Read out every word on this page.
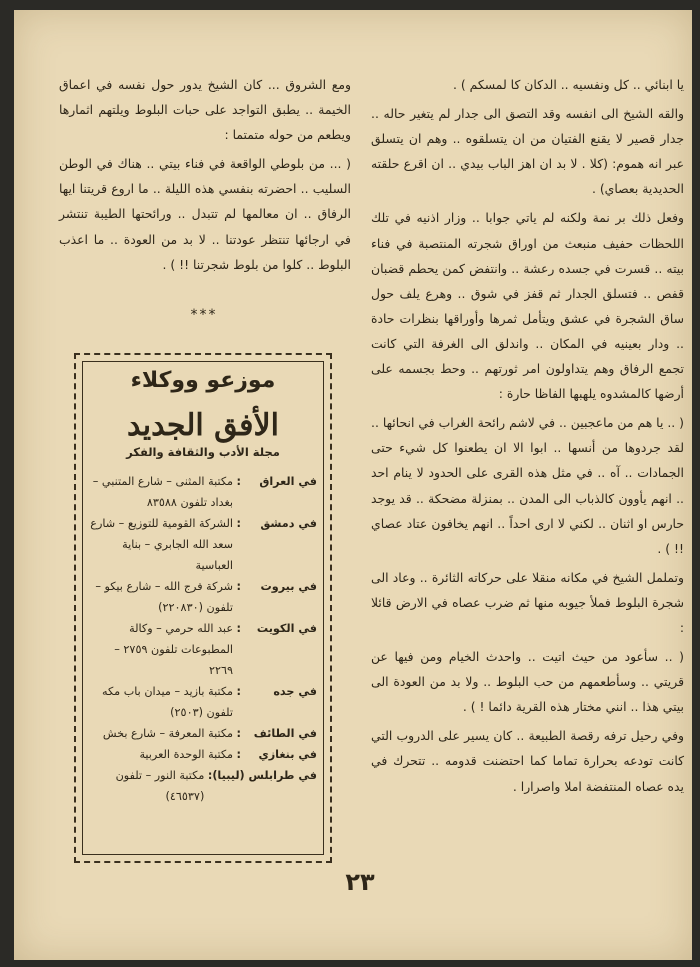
يا ابنائي .. كل ونفسيه .. الدكان كا لمسكم ) .

والقه الشيخ الى انفسه وقد التصق الى جدار لم يتغير حاله .. جدار قصير لا يقنع الفتيان من ان يتسلقوه .. وهم ان يتسلق عبر انه هموم: (كلا . لا بد ان اهز الباب بيدي .. ان اقرع حلقته الحديدية بعصاي) .

وفعل ذلك بر نمة ولكنه لم ياتي جوابا .. وزار اذنيه في تلك اللحظات حفيف منبعث من اوراق شجرته المنتصبة في فناء بيته .. قسرت في جسده رعشة .. وانتفض كمن يحطم قضبان قفص .. فتسلق الجدار ثم قفز في شوق .. وهرع يلف حول ساق الشجرة في عشق ويتأمل ثمرها وأوراقها بنظرات حادة .. ودار بعينيه في المكان .. واندلق الى الغرفة التي كانت تجمع الرفاق وهم يتداولون امر ثورتهم .. وحط بجسمه على أرضها كالمشدوه يلهبها الفاظا حارة :

( .. يا هم من ماعجبين .. في لاشم رائحة الغراب في انحائها .. لقد جردوها من أنسها .. ابوا الا ان يطعنوا كل شيء حتى الجمادات .. آه .. في مثل هذه القرى على الحدود لا ينام احد .. انهم يأوون كالذباب الى المدن .. بمنزلة مضحكة .. قد يوجد حارس او اثنان .. لكني لا ارى احداً .. انهم يخافون عتاد عصاي !! ) .

وتململ الشيخ في مكانه منقلا على حركاته الثائرة .. وعاد الى شجرة البلوط فملأ جيوبه منها ثم ضرب عصاه في الارض قائلا :

( .. سأعود من حيث اتيت .. واحدث الخيام ومن فيها عن قريتي .. وسأطعمهم من حب البلوط .. ولا بد من العودة الى بيتي هذا .. انني مختار هذه القرية دائما ! ) .

وفي رحيل ترفه رقصة الطبيعة .. كان يسير على الدروب التي كانت تودعه بحرارة تماما كما احتضنت قدومه .. تتحرك في يده عصاه المنتفضة املا واصرارا .

ومع الشروق ... كان الشيخ يدور حول نفسه في اعماق الخيمة .. يطبق التواجد على حبات البلوط ويلتهم اثمارها ويطعم من حوله متمتما :

( ... من بلوطي الواقعة في فناء بيتي .. هناك في الوطن السليب .. احضرته بنفسي هذه الليلة .. ما اروع قريتنا ايها الرفاق .. ان معالمها لم تتبدل .. ورائحتها الطيبة تنتشر في ارجائها تنتظر عودتنا .. لا بد من العودة .. ما اعذب البلوط .. كلوا من بلوط شجرتنا !! ) .

***
موزعو ووكلاء
الأفق الجديد
مجلة الأدب والثقافة والفكر
في العراق
:
مكتبة المثنى – شارع المتنبي – بغداد تلفون ٨٣٥٨٨
في دمشق
:
الشركة القومية للتوزيع – شارع سعد الله الجابري – بناية العباسية
في بيروت
:
شركة فرج الله – شارع بيكو – تلفون (٢٢٠٨٣٠)
في الكويت
:
عبد الله حرمي – وكالة المطبوعات تلفون ٢٧٥٩ – ٢٢٦٩
في جده
:
مكتبة بازيد – ميدان باب مكه تلفون (٢٥٠٣)
في الطائف
:
مكتبة المعرفة – شارع بخش
في بنغازي
:
مكتبة الوحدة العربية
في طرابلس (ليبيا)
:
مكتبة النور – تلفون (٤٦٥٣٧)
٢٣
